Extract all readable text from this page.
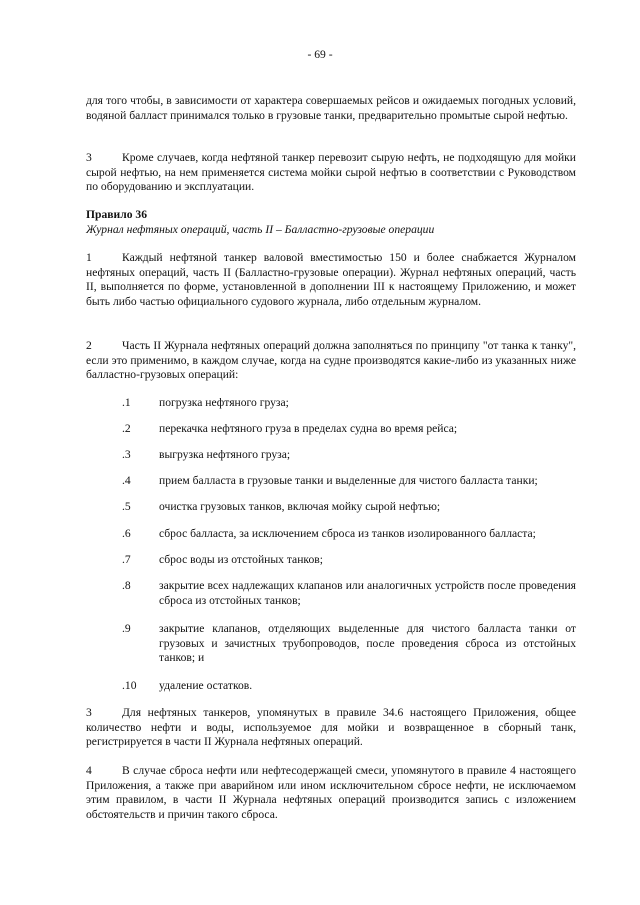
- 69 -
для того чтобы, в зависимости от характера совершаемых рейсов и ожидаемых погодных условий, водяной балласт принимался только в грузовые танки, предварительно промытые сырой нефтью.
3	Кроме случаев, когда нефтяной танкер перевозит сырую нефть, не подходящую для мойки сырой нефтью, на нем применяется система мойки сырой нефтью в соответствии с Руководством по оборудованию и эксплуатации.
Правило 36
Журнал нефтяных операций, часть II – Балластно-грузовые операции
1	Каждый нефтяной танкер валовой вместимостью 150 и более снабжается Журналом нефтяных операций, часть II (Балластно-грузовые операции). Журнал нефтяных операций, часть II, выполняется по форме, установленной в дополнении III к настоящему Приложению, и может быть либо частью официального судового журнала, либо отдельным журналом.
2	Часть II Журнала нефтяных операций должна заполняться по принципу "от танка к танку", если это применимо, в каждом случае, когда на судне производятся какие-либо из указанных ниже балластно-грузовых операций:
.1	погрузка нефтяного груза;
.2	перекачка нефтяного груза в пределах судна во время рейса;
.3	выгрузка нефтяного груза;
.4	прием балласта в грузовые танки и выделенные для чистого балласта танки;
.5	очистка грузовых танков, включая мойку сырой нефтью;
.6	сброс балласта, за исключением сброса из танков изолированного балласта;
.7	сброс воды из отстойных танков;
.8	закрытие всех надлежащих клапанов или аналогичных устройств после проведения сброса из отстойных танков;
.9	закрытие клапанов, отделяющих выделенные для чистого балласта танки от грузовых и зачистных трубопроводов, после проведения сброса из отстойных танков; и
.10	удаление остатков.
3	Для нефтяных танкеров, упомянутых в правиле 34.6 настоящего Приложения, общее количество нефти и воды, используемое для мойки и возвращенное в сборный танк, регистрируется в части II Журнала нефтяных операций.
4	В случае сброса нефти или нефтесодержащей смеси, упомянутого в правиле 4 настоящего Приложения, а также при аварийном или ином исключительном сбросе нефти, не исключаемом этим правилом, в части II Журнала нефтяных операций производится запись с изложением обстоятельств и причин такого сброса.
